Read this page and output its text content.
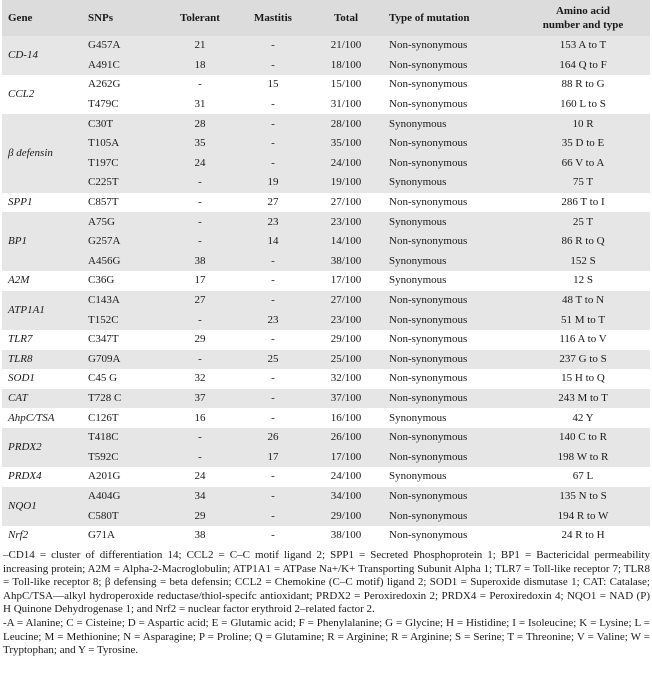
Gene	SNPs	Tolerant	Mastitis	Total	Type of mutation	Amino acid
number and type
CD-14	G457A	21	-	21/100	Non-synonymous	153 A to T
	A491C	18	-	18/100	Non-synonymous	164 Q to F
CCL2	A262G	-	15	15/100	Non-synonymous	88 R to G
	T479C	31	-	31/100	Non-synonymous	160 L to S
β defensin	C30T	28	-	28/100	Synonymous	10 R
	T105A	35	-	35/100	Non-synonymous	35 D to E
	T197C	24	-	24/100	Non-synonymous	66 V to A
	C225T	-	19	19/100	Synonymous	75 T
SPP1	C857T	-	27	27/100	Non-synonymous	286 T to I
BP1	A75G	-	23	23/100	Synonymous	25 T
	G257A	-	14	14/100	Non-synonymous	86 R to Q
	A456G	38	-	38/100	Synonymous	152 S
A2M	C36G	17	-	17/100	Synonymous	12 S
ATP1A1	C143A	27	-	27/100	Non-synonymous	48 T to N
	T152C	-	23	23/100	Non-synonymous	51 M to T
TLR7	C347T	29	-	29/100	Non-synonymous	116 A to V
TLR8	G709A	-	25	25/100	Non-synonymous	237 G to S
SOD1	C45 G	32	-	32/100	Non-synonymous	15 H to Q
CAT	T728 C	37	-	37/100	Non-synonymous	243 M to T
AhpC/TSA	C126T	16	-	16/100	Synonymous	42 Y
PRDX2	T418C	-	26	26/100	Non-synonymous	140 C to R
	T592C	-	17	17/100	Non-synonymous	198 W to R
PRDX4	A201G	24	-	24/100	Synonymous	67 L
NQO1	A404G	34	-	34/100	Non-synonymous	135 N to S
	C580T	29	-	29/100	Non-synonymous	194 R to W
Nrf2	G71A	38	-	38/100	Non-synonymous	24 R to H

–CD14 = cluster of differentiation 14; CCL2 = C–C motif ligand 2; SPP1 = Secreted Phosphoprotein 1; BP1 = Bactericidal permeability increasing protein; A2M = Alpha-2-Macroglobulin; ATP1A1 = ATPase Na+/K+ Transporting Subunit Alpha 1; TLR7 = Toll-like receptor 7; TLR8 = Toll-like receptor 8; β defensing = beta defensin; CCL2 = Chemokine (C–C motif) ligand 2; SOD1 = Superoxide dismutase 1; CAT: Catalase; AhpC/TSA—alkyl hydroperoxide reductase/thiol-specifc antioxidant; PRDX2 = Peroxiredoxin 2; PRDX4 = Peroxiredoxin 4; NQO1 = NAD (P) H Quinone Dehydrogenase 1; and Nrf2 = nuclear factor erythroid 2–related factor 2.

-A = Alanine; C = Cisteine; D = Aspartic acid; E = Glutamic acid; F = Phenylalanine; G = Glycine; H = Histidine; I = Isoleucine; K = Lysine; L = Leucine; M = Methionine; N = Asparagine; P = Proline; Q = Glutamine; R = Arginine; R = Arginine; S = Serine; T = Threonine; V = Valine; W = Tryptophan; and Y = Tyrosine.
